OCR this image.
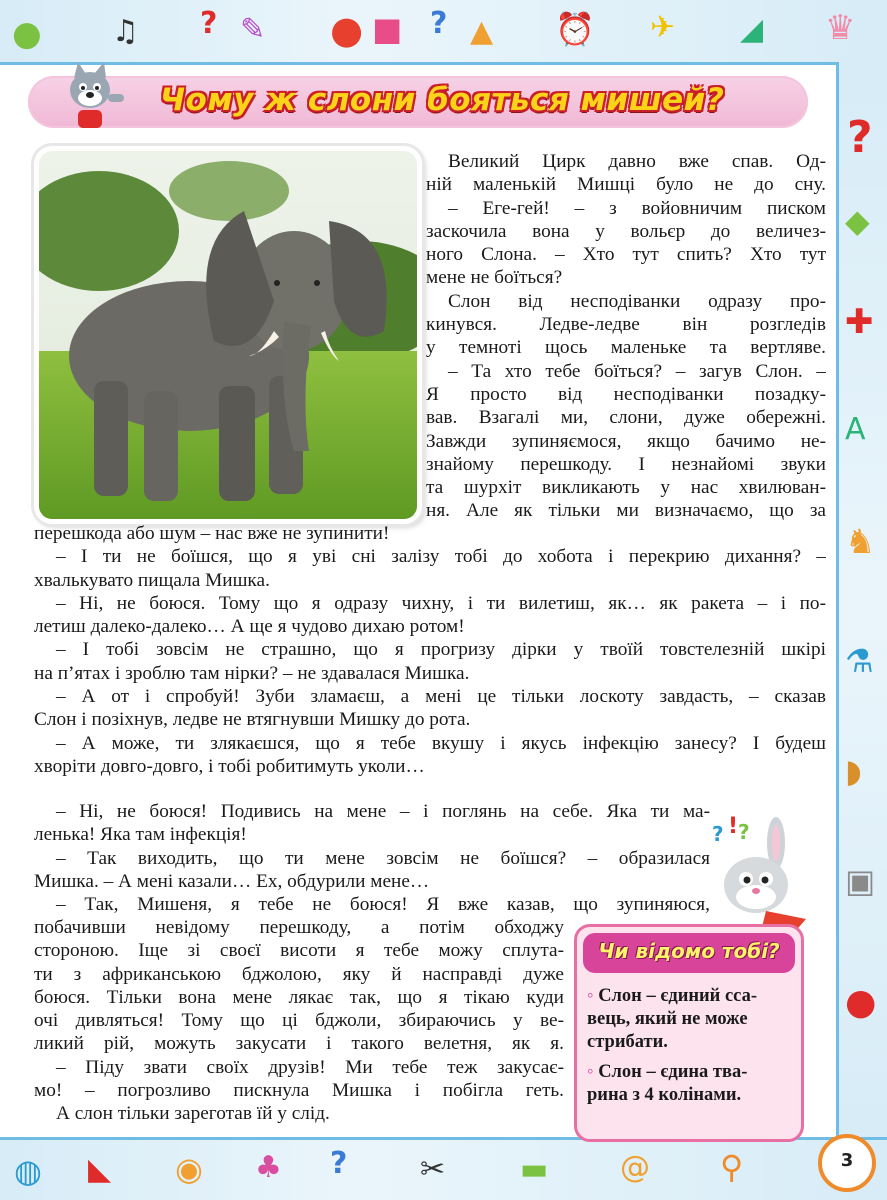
● ♫ ? ✎ ● ■ ? ▲ ⏰ ✈ ◢ ♛
?
◆
✚
A
♞
⚗
◗
▣
●
◍ ◣ ◉ ♣ ? ✂ ▬ @ ⚲
Чому ж слони бояться мишей?
Великий Цирк давно вже спав. Од-
ній маленькій Мишці було не до сну.
– Еге-гей! – з войовничим писком
заскочила вона у вольєр до величез-
ного Слона. – Хто тут спить? Хто тут
мене не боїться?
Слон від несподіванки одразу про-
кинувся. Ледве-ледве він розгледів
у темноті щось маленьке та вертляве.
– Та хто тебе боїться? – загув Слон. –
Я просто від несподіванки позадку-
вав. Взагалі ми, слони, дуже обережні.
Завжди зупиняємося, якщо бачимо не-
знайому перешкоду. І незнайомі звуки
та шурхіт викликають у нас хвилюван-
ня. Але як тільки ми визначаємо, що за
перешкода або шум – нас вже не зупинити!
– І ти не боїшся, що я уві сні залізу тобі до хобота і перекрию дихання? –
хвалькувато пищала Мишка.
– Ні, не боюся. Тому що я одразу чихну, і ти вилетиш, як… як ракета – і по-
летиш далеко-далеко… А ще я чудово дихаю ротом!
– І тобі зовсім не страшно, що я прогризу дірки у твоїй товстелезній шкірі
на п’ятах і зроблю там нірки? – не здавалася Мишка.
– А от і спробуй! Зуби зламаєш, а мені це тільки лоскоту завдасть, – сказав
Слон і позіхнув, ледве не втягнувши Мишку до рота.
– А може, ти злякаєшся, що я тебе вкушу і якусь інфекцію занесу? І будеш
хворіти довго-довго, і тобі робитимуть уколи…
– Ні, не боюся! Подивись на мене – і поглянь на себе. Яка ти ма-
ленька! Яка там інфекція!
– Так виходить, що ти мене зовсім не боїшся? – образилася
Мишка. – А мені казали… Ех, обдурили мене…
– Так, Мишеня, я тебе не боюся! Я вже казав, що зупиняюся,
побачивши невідому перешкоду, а потім обходжу
стороною. Іще зі своєї висоти я тебе можу сплута-
ти з африканською бджолою, яку й насправді дуже
боюся. Тільки вона мене лякає так, що я тікаю куди
очі дивляться! Тому що ці бджоли, збираючись у ве-
ликий рій, можуть закусати і такого велетня, як я.
– Піду звати своїх друзів! Ми тебе теж закусає-
мо! – погрозливо пискнула Мишка і побігла геть.
А слон тільки зареготав їй у слід.
? ! ?
Чи відомо тобі?
◦ Слон – єдиний сса-
вець, який не може
стрибати.
◦ Слон – єдина тва-
рина з 4 колінами.
3
